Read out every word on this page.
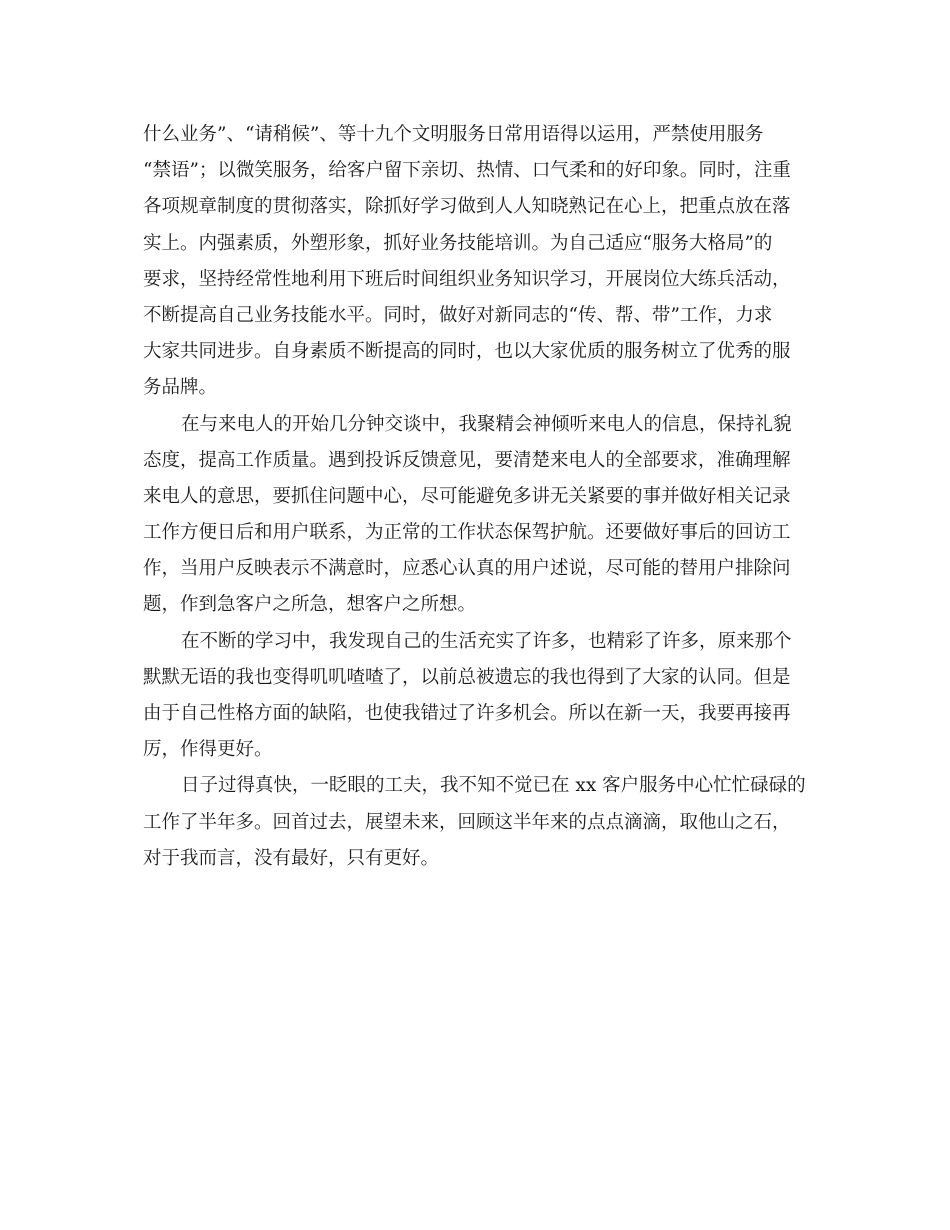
什么业务”、“请稍候”、等十九个文明服务日常用语得以运用，严禁使用服务
“禁语”；以微笑服务，给客户留下亲切、热情、口气柔和的好印象。同时，注重
各项规章制度的贯彻落实，除抓好学习做到人人知晓熟记在心上，把重点放在落
实上。内强素质，外塑形象，抓好业务技能培训。为自己适应“服务大格局”的
要求，坚持经常性地利用下班后时间组织业务知识学习，开展岗位大练兵活动，
不断提高自己业务技能水平。同时，做好对新同志的“传、帮、带”工作，力求
大家共同进步。自身素质不断提高的同时，也以大家优质的服务树立了优秀的服
务品牌。

在与来电人的开始几分钟交谈中，我聚精会神倾听来电人的信息，保持礼貌
态度，提高工作质量。遇到投诉反馈意见，要清楚来电人的全部要求，准确理解
来电人的意思，要抓住问题中心，尽可能避免多讲无关紧要的事并做好相关记录
工作方便日后和用户联系，为正常的工作状态保驾护航。还要做好事后的回访工
作，当用户反映表示不满意时，应悉心认真的用户述说，尽可能的替用户排除问
题，作到急客户之所急，想客户之所想。

在不断的学习中，我发现自己的生活充实了许多，也精彩了许多，原来那个
默默无语的我也变得叽叽喳喳了，以前总被遗忘的我也得到了大家的认同。但是
由于自己性格方面的缺陷，也使我错过了许多机会。所以在新一天，我要再接再
厉，作得更好。

日子过得真快，一眨眼的工夫，我不知不觉已在 xx 客户服务中心忙忙碌碌的
工作了半年多。回首过去，展望未来，回顾这半年来的点点滴滴，取他山之石，
对于我而言，没有最好，只有更好。
